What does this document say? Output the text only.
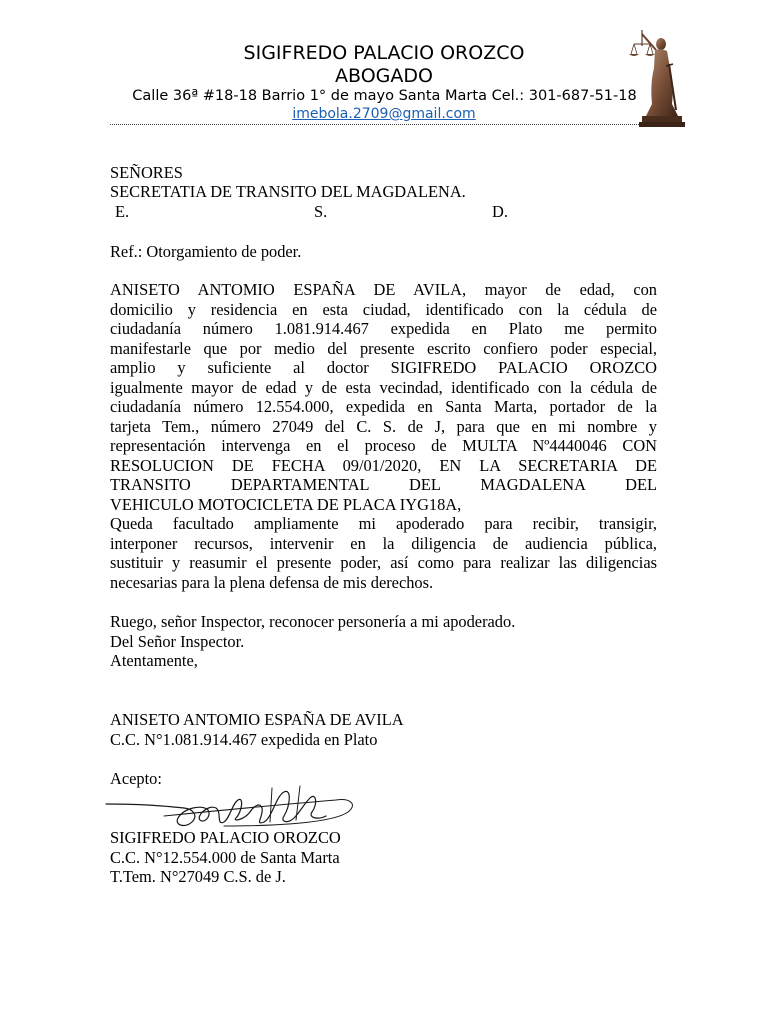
SIGIFREDO PALACIO OROZCO
ABOGADO
Calle 36ª #18-18 Barrio 1° de mayo Santa Marta Cel.: 301-687-51-18
imebola.2709@gmail.com
SEÑORES
SECRETATIA DE TRANSITO DEL MAGDALENA.
E.	S.	D.
Ref.: Otorgamiento de poder.
ANISETO ANTOMIO ESPAÑA DE AVILA, mayor de edad, con
domicilio y residencia en esta ciudad, identificado con la cédula de
ciudadanía número 1.081.914.467 expedida en Plato me permito
manifestarle que por medio del presente escrito confiero poder especial,
amplio y suficiente al doctor SIGIFREDO PALACIO OROZCO
igualmente mayor de edad y de esta vecindad, identificado con la cédula de
ciudadanía número 12.554.000, expedida en Santa Marta, portador de la
tarjeta Tem., número 27049 del C. S. de J, para que en mi nombre y
representación intervenga en el proceso de MULTA Nº4440046 CON
RESOLUCION DE FECHA 09/01/2020, EN LA SECRETARIA DE
TRANSITO DEPARTAMENTAL DEL MAGDALENA DEL
VEHICULO MOTOCICLETA DE PLACA IYG18A,
Queda facultado ampliamente mi apoderado para recibir, transigir,
interponer recursos, intervenir en la diligencia de audiencia pública,
sustituir y reasumir el presente poder, así como para realizar las diligencias
necesarias para la plena defensa de mis derechos.
Ruego, señor Inspector, reconocer personería a mi apoderado.
Del Señor Inspector.
Atentamente,
ANISETO ANTOMIO ESPAÑA DE AVILA
C.C. N°1.081.914.467 expedida en Plato
Acepto:
SIGIFREDO PALACIO OROZCO
C.C. N°12.554.000 de Santa Marta
T.Tem. N°27049 C.S. de J.
